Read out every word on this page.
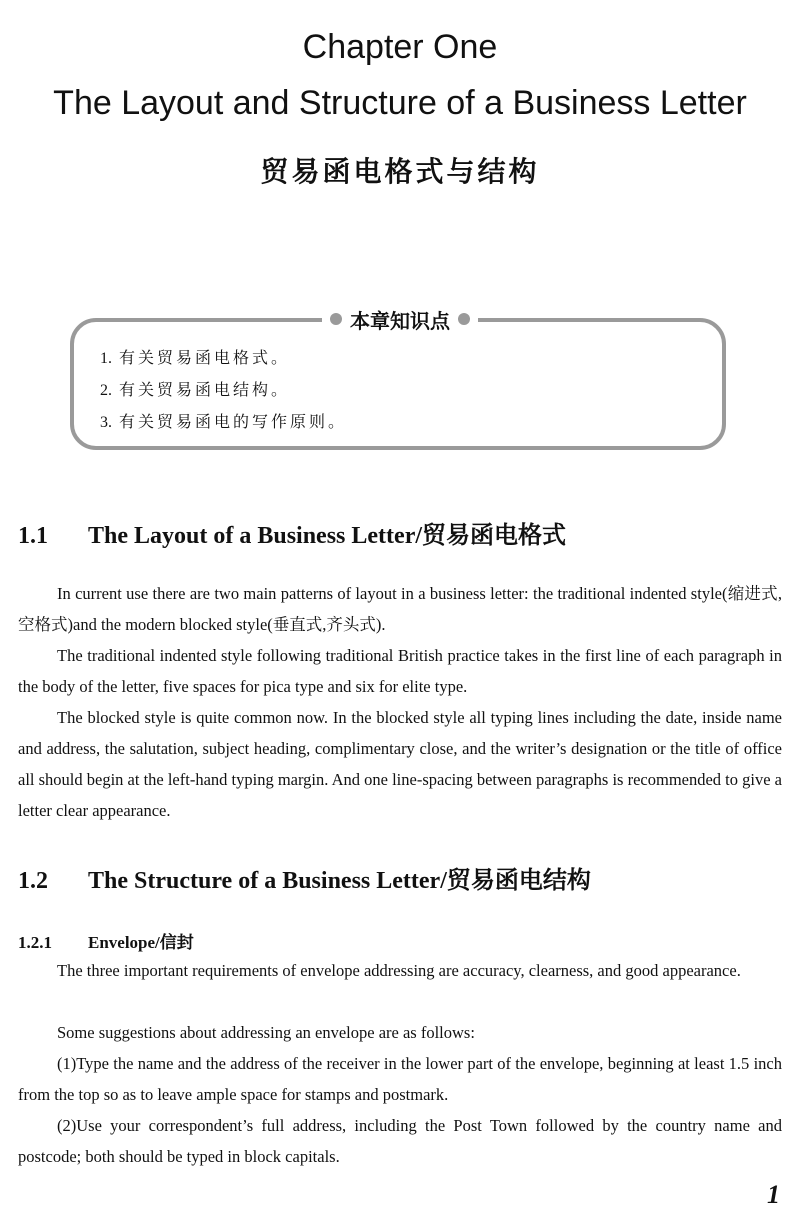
Chapter One
The Layout and Structure of a Business Letter
贸易函电格式与结构
本章知识点
1. 有关贸易函电格式。
2. 有关贸易函电结构。
3. 有关贸易函电的写作原则。
1.1 The Layout of a Business Letter/贸易函电格式

In current use there are two main patterns of layout in a business letter: the traditional indented style(缩进式,空格式)and the modern blocked style(垂直式,齐头式).

The traditional indented style following traditional British practice takes in the first line of each paragraph in the body of the letter, five spaces for pica type and six for elite type.

The blocked style is quite common now. In the blocked style all typing lines including the date, inside name and address, the salutation, subject heading, complimentary close, and the writer’s designation or the title of office all should begin at the left-hand typing margin. And one line-spacing between paragraphs is recommended to give a letter clear appearance.

1.2 The Structure of a Business Letter/贸易函电结构
1.2.1 Envelope/信封

The three important requirements of envelope addressing are accuracy, clearness, and good appearance.

Some suggestions about addressing an envelope are as follows:

(1)Type the name and the address of the receiver in the lower part of the envelope, beginning at least 1.5 inch from the top so as to leave ample space for stamps and postmark.

(2)Use your correspondent’s full address, including the Post Town followed by the country name and postcode; both should be typed in block capitals.

1
